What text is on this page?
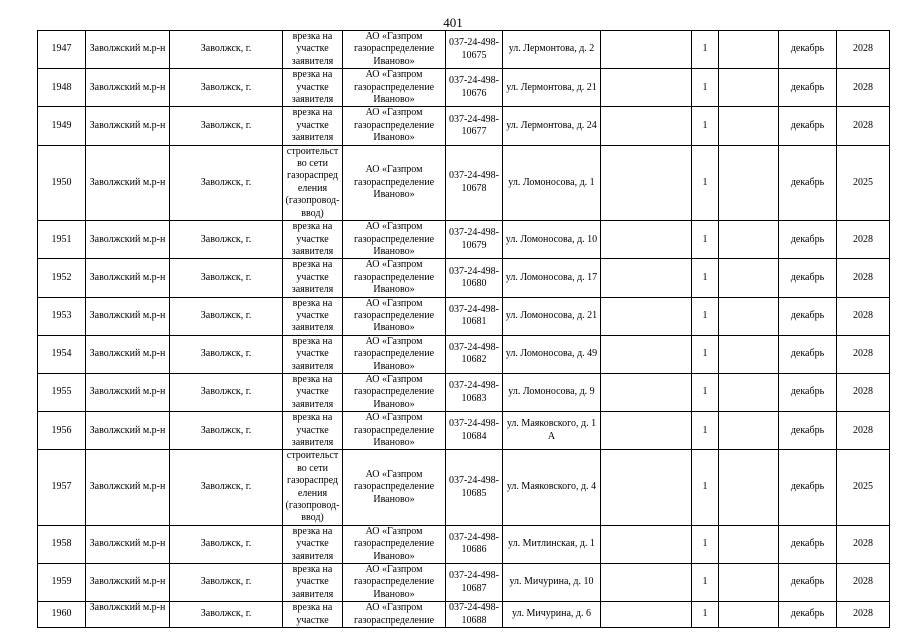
401
1947	Заволжский м.р-н	Заволжск, г.	врезка на участке заявителя	АО «Газпром газораспределение Иваново»	037-24-498-10675	ул. Лермонтова, д. 2		1		декабрь	2028
1948	Заволжский м.р-н	Заволжск, г.	врезка на участке заявителя	АО «Газпром газораспределение Иваново»	037-24-498-10676	ул. Лермонтова, д. 21		1		декабрь	2028
1949	Заволжский м.р-н	Заволжск, г.	врезка на участке заявителя	АО «Газпром газораспределение Иваново»	037-24-498-10677	ул. Лермонтова, д. 24		1		декабрь	2028
1950	Заволжский м.р-н	Заволжск, г.	строительство сети газораспределения (газопровод-ввод)	АО «Газпром газораспределение Иваново»	037-24-498-10678	ул. Ломоносова, д. 1		1		декабрь	2025
1951	Заволжский м.р-н	Заволжск, г.	врезка на участке заявителя	АО «Газпром газораспределение Иваново»	037-24-498-10679	ул. Ломоносова, д. 10		1		декабрь	2028
1952	Заволжский м.р-н	Заволжск, г.	врезка на участке заявителя	АО «Газпром газораспределение Иваново»	037-24-498-10680	ул. Ломоносова, д. 17		1		декабрь	2028
1953	Заволжский м.р-н	Заволжск, г.	врезка на участке заявителя	АО «Газпром газораспределение Иваново»	037-24-498-10681	ул. Ломоносова, д. 21		1		декабрь	2028
1954	Заволжский м.р-н	Заволжск, г.	врезка на участке заявителя	АО «Газпром газораспределение Иваново»	037-24-498-10682	ул. Ломоносова, д. 49		1		декабрь	2028
1955	Заволжский м.р-н	Заволжск, г.	врезка на участке заявителя	АО «Газпром газораспределение Иваново»	037-24-498-10683	ул. Ломоносова, д. 9		1		декабрь	2028
1956	Заволжский м.р-н	Заволжск, г.	врезка на участке заявителя	АО «Газпром газораспределение Иваново»	037-24-498-10684	ул. Маяковского, д. 1 А		1		декабрь	2028
1957	Заволжский м.р-н	Заволжск, г.	строительство сети газораспределения (газопровод-ввод)	АО «Газпром газораспределение Иваново»	037-24-498-10685	ул. Маяковского, д. 4		1		декабрь	2025
1958	Заволжский м.р-н	Заволжск, г.	врезка на участке заявителя	АО «Газпром газораспределение Иваново»	037-24-498-10686	ул. Митлинская, д. 1		1		декабрь	2028
1959	Заволжский м.р-н	Заволжск, г.	врезка на участке заявителя	АО «Газпром газораспределение Иваново»	037-24-498-10687	ул. Мичурина, д. 10		1		декабрь	2028
1960	Заволжский м.р-н	Заволжск, г.	врезка на участке	АО «Газпром газораспределение	037-24-498-10688	ул. Мичурина, д. 6		1		декабрь	2028
